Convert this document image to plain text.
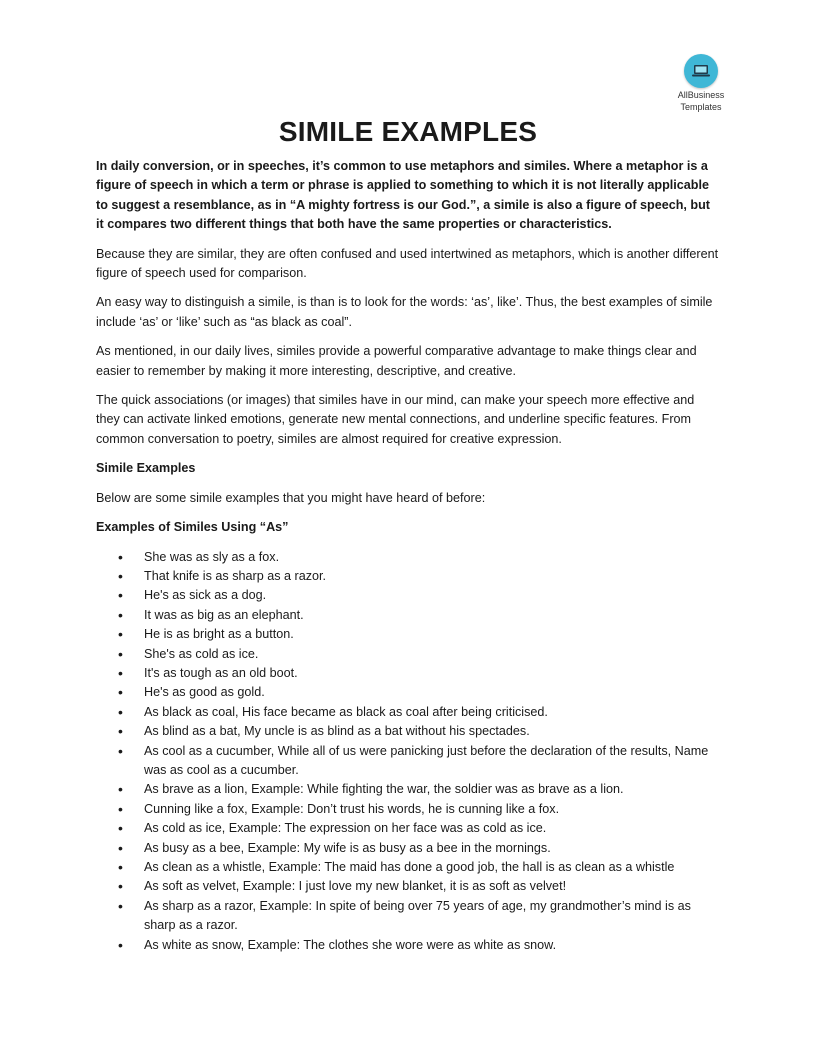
AllBusiness
Templates
SIMILE EXAMPLES

In daily conversion, or in speeches, it’s common to use metaphors and similes. Where a metaphor is a figure of speech in which a term or phrase is applied to something to which it is not literally applicable to suggest a resemblance, as in “A mighty fortress is our God.”, a simile is also a figure of speech, but it compares two different things that both have the same properties or characteristics.

Because they are similar, they are often confused and used intertwined as metaphors, which is another different figure of speech used for comparison.

An easy way to distinguish a simile, is than is to look for the words: ‘as’, like’. Thus, the best examples of simile include ‘as’ or ‘like’ such as “as black as coal”.

As mentioned, in our daily lives, similes provide a powerful comparative advantage to make things clear and easier to remember by making it more interesting, descriptive, and creative.

The quick associations (or images) that similes have in our mind, can make your speech more effective and they can activate linked emotions, generate new mental connections, and underline specific features. From common conversation to poetry, similes are almost required for creative expression.

Simile Examples

Below are some simile examples that you might have heard of before:

Examples of Similes Using “As”

• She was as sly as a fox.
• That knife is as sharp as a razor.
• He's as sick as a dog.
• It was as big as an elephant.
• He is as bright as a button.
• She's as cold as ice.
• It's as tough as an old boot.
• He's as good as gold.
• As black as coal, His face became as black as coal after being criticised.
• As blind as a bat, My uncle is as blind as a bat without his spectades.
• As cool as a cucumber, While all of us were panicking just before the declaration of the results, Name was as cool as a cucumber.
• As brave as a lion, Example: While fighting the war, the soldier was as brave as a lion.
• Cunning like a fox, Example: Don’t trust his words, he is cunning like a fox.
• As cold as ice, Example: The expression on her face was as cold as ice.
• As busy as a bee, Example: My wife is as busy as a bee in the mornings.
• As clean as a whistle, Example: The maid has done a good job, the hall is as clean as a whistle
• As soft as velvet, Example: I just love my new blanket, it is as soft as velvet!
• As sharp as a razor, Example: In spite of being over 75 years of age, my grandmother’s mind is as sharp as a razor.
• As white as snow, Example: The clothes she wore were as white as snow.
